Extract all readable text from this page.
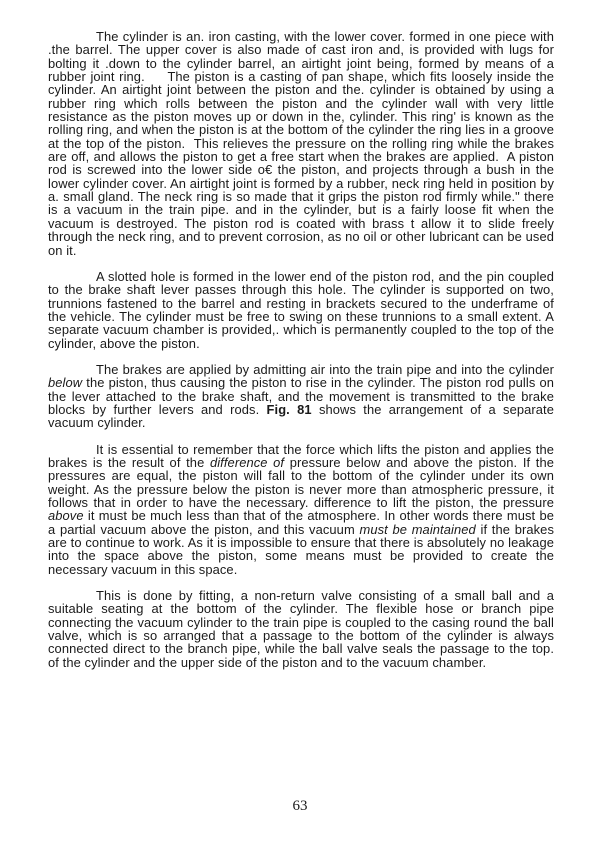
The cylinder is an. iron casting, with the lower cover. formed in one piece with .the barrel. The upper cover is also made of cast iron and, is provided with lugs for bolting it .down to the cylinder barrel, an airtight joint being, formed by means of a rubber joint ring.     The piston is a casting of pan shape, which fits loosely inside the cylinder. An airtight joint between the piston and the. cylinder is obtained by using a rubber ring which rolls between the piston and the cylinder wall with very little resistance as the piston moves up or down in the, cylinder. This ring' is known as the rolling ring, and when the piston is at the bottom of the cylinder the ring lies in a groove at the top of the piston.  This relieves the pressure on the rolling ring while the brakes are off, and allows the piston to get a free start when the brakes are applied.  A piston rod is screwed into the lower side o€ the piston, and projects through a bush in the lower cylinder cover. An airtight joint is formed by a rubber, neck ring held in position by a. small gland. The neck ring is so made that it grips the piston rod firmly while." there is a vacuum in the train pipe. and in the cylinder, but is a fairly loose fit when the vacuum is destroyed. The piston rod is coated with brass t allow it to slide freely through the neck ring, and to prevent corrosion, as no oil or other lubricant can be used on it.

A slotted hole is formed in the lower end of the piston rod, and the pin coupled to the brake shaft lever passes through this hole. The cylinder is supported on two, trunnions fastened to the barrel and resting in brackets secured to the underframe of the vehicle. The cylinder must be free to swing on these trunnions to a small extent. A separate vacuum chamber is provided,. which is permanently coupled to the top of the cylinder, above the piston.

The brakes are applied by admitting air into the train pipe and into the cylinder below the piston, thus causing the piston to rise in the cylinder. The piston rod pulls on the lever attached to the brake shaft, and the movement is transmitted to the brake blocks by further levers and rods. Fig. 81 shows the arrangement of a separate vacuum cylinder.

It is essential to remember that the force which lifts the piston and applies the brakes is the result of the difference of pressure below and above the piston. If the pressures are equal, the piston will fall to the bottom of the cylinder under its own weight. As the pressure below the piston is never more than atmospheric pressure, it follows that in order to have the necessary. difference to lift the piston, the pressure above it must be much less than that of the atmosphere. In other words there must be a partial vacuum above the piston, and this vacuum must be maintained if the brakes are to continue to work. As it is impossible to ensure that there is absolutely no leakage into the space above the piston, some means must be provided to create the necessary vacuum in this space.

This is done by fitting, a non-return valve consisting of a small ball and a suitable seating at the bottom of the cylinder. The flexible hose or branch pipe connecting the vacuum cylinder to the train pipe is coupled to the casing round the ball valve, which is so arranged that a passage to the bottom of the cylinder is always connected direct to the branch pipe, while the ball valve seals the passage to the top. of the cylinder and the upper side of the piston and to the vacuum chamber.

63
